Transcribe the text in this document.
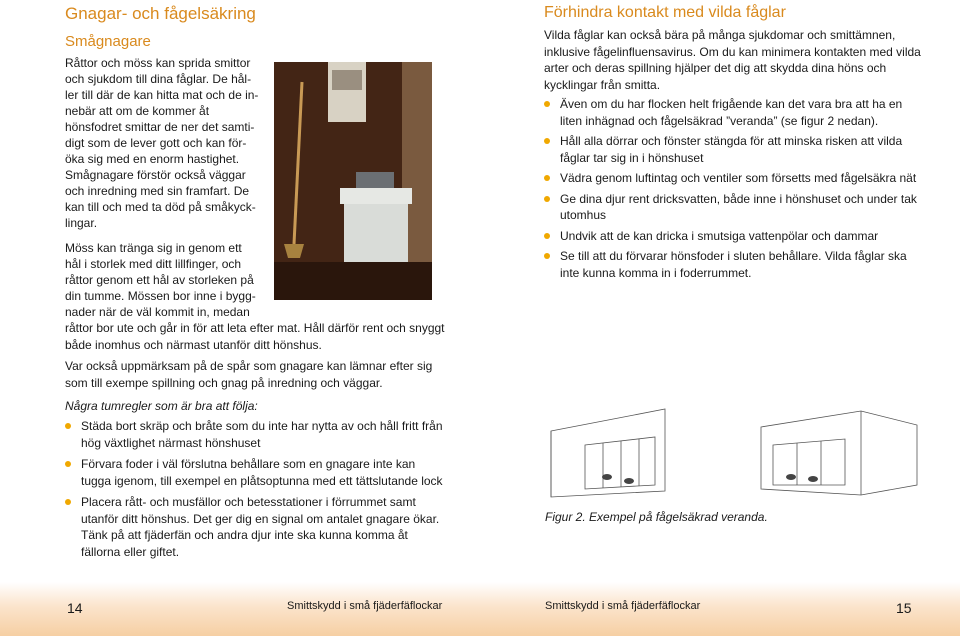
Gnagar- och fågelsäkring
Smågnagare

Råttor och möss kan sprida smittor

och sjukdom till dina fåglar. De hål-

ler till där de kan hitta mat och de in-

nebär att om de kommer åt

hönsfodret smittar de ner det samti-

digt som de lever gott och kan för-

öka sig med en enorm hastighet.

Smågnagare förstör också väggar

och inredning med sin framfart. De

kan till och med ta död på småkyck-

lingar.

Möss kan tränga sig in genom ett

hål i storlek med ditt lillfinger, och

råttor genom ett hål av storleken på

din tumme. Mössen bor inne i bygg-

nader när de väl kommit in, medan

råttor bor ute och går in för att leta efter mat. Håll därför rent och snyggt både inomhus och närmast utanför ditt hönshus.

Var också uppmärksam på de spår som gnagare kan lämnar efter sig som till exempe spillning och gnag på inredning och väggar.

Några tumregler som är bra att följa:

Städa bort skräp och bråte som du inte har nytta av och håll fritt från hög växtlighet närmast hönshuset

Förvara foder i väl förslutna behållare som en gnagare inte kan tugga igenom, till exempel en plåtsoptunna med ett tättslutande lock

Placera rått- och musfällor och betesstationer i förrummet samt utanför ditt hönshus. Det ger dig en signal om antalet gnagare ökar. Tänk på att fjäderfän och andra djur inte ska kunna komma åt fällorna eller giftet.

Förhindra kontakt med vilda fåglar

Vilda fåglar kan också bära på många sjukdomar och smittämnen, inklusive fågelinfluensavirus. Om du kan minimera kontakten med vilda arter och deras spillning hjälper det dig att skydda dina höns och kycklingar från smitta.

Även om du har flocken helt frigående kan det vara bra att ha en liten inhägnad och fågelsäkrad ”veranda” (se figur 2 nedan).

Håll alla dörrar och fönster stängda för att minska risken att vilda fåglar tar sig in i hönshuset

Vädra genom luftintag och ventiler som försetts med fågelsäkra nät

Ge dina djur rent dricksvatten, både inne i hönshuset och under tak utomhus

Undvik att de kan dricka i smutsiga vattenpölar och dammar

Se till att du förvarar hönsfoder i sluten behållare. Vilda fåglar ska inte kunna komma in i foderrummet.

Figur 2. Exempel på fågelsäkrad veranda.

14	Smittskydd i små fjäderfäflockar	Smittskydd i små fjäderfäflockar	15
